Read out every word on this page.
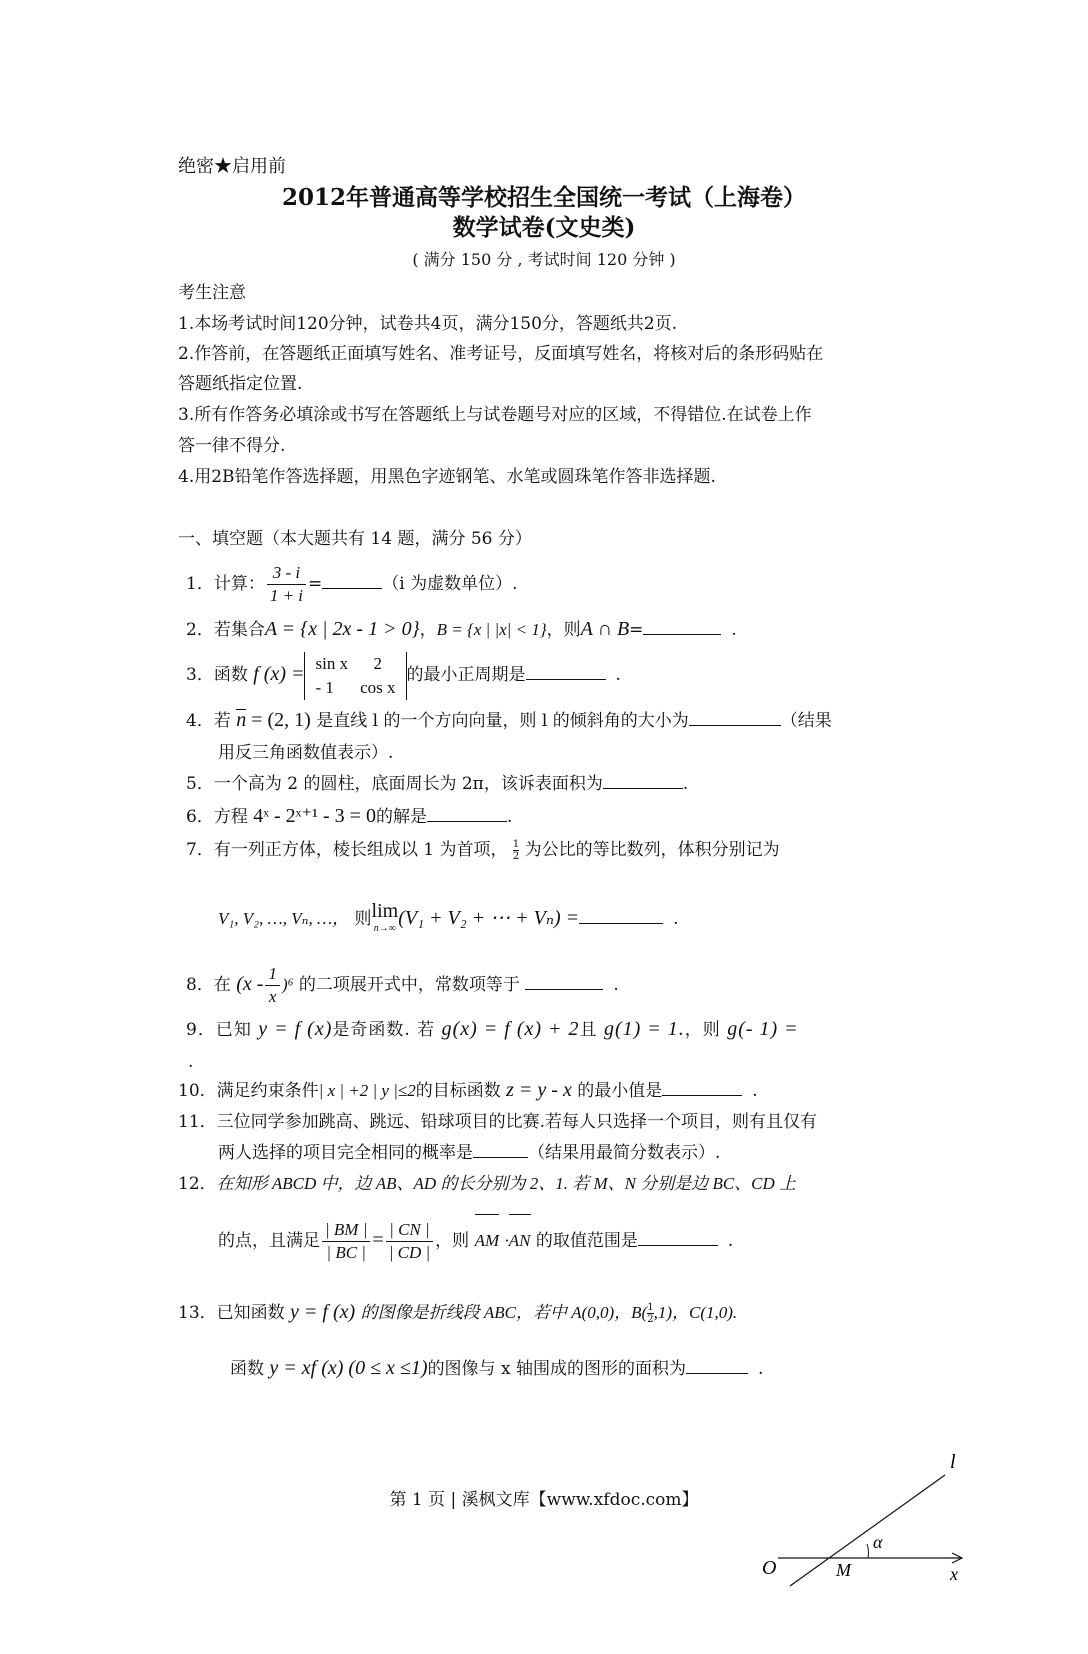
绝密★启用前
2012年普通高等学校招生全国统一考试（上海卷）
数学试卷(文史类)
( 满分 150 分 , 考试时间 120 分钟 )
考生注意
1.本场考试时间120分钟，试卷共4页，满分150分，答题纸共2页.
2.作答前，在答题纸正面填写姓名、准考证号，反面填写姓名，将核对后的条形码贴在
答题纸指定位置.
3.所有作答务必填涂或书写在答题纸上与试卷题号对应的区域，不得错位.在试卷上作
答一律不得分.
4.用2B铅笔作答选择题，用黑色字迹钢笔、水笔或圆珠笔作答非选择题.
一、填空题（本大题共有 14 题，满分 56 分）
1．计算： $\frac{3 - i}{1 + i}$ =	（i 为虚数单位）.
2．若集合A = {x | 2x - 1 > 0}，B = {x | |x| < 1}，则A ∩ B=	.
3．函数 f (x) = sin x	2
- 1	cos x
的最小正周期是	.
4．若 n = (2, 1) 是直线 l 的一个方向向量，则 l 的倾斜角的大小为	（结果
用反三角函数值表示）.
5．一个高为 2 的圆柱，底面周长为 2π，该诉表面积为	.
6．方程 4ˣ - 2ˣ⁺¹ - 3 = 0的解是	.
7．有一列正方体，棱长组成以 1 为首项， $\frac{1}{2}$ 为公比的等比数列，体积分别记为
V₁, V₂, …, Vₙ, …， 则 lim
n→∞ (V₁ + V₂ + ⋯ + Vₙ) =	.
8．在 $(x - \frac{1}{x} )^6$ 的二项展开式中，常数项等于	.
9．已知 y = f (x)是奇函数. 若 g(x) = f (x) + 2且 g(1) = 1.，则 g(- 1) =
.
10．满足约束条件| x | +2 | y |≤2的目标函数 z = y - x 的最小值是	.
11．三位同学参加跳高、跳远、铅球项目的比赛.若每人只选择一个项目，则有且仅有
两人选择的项目完全相同的概率是	（结果用最简分数表示）.
12．在知形 ABCD 中，边 AB、AD 的长分别为 2、1. 若 M、N 分别是边 BC、CD 上
的点，且满足 $\frac{| BM |}{| BC |} = \frac{| CN |}{| CD |}$ ，则 AM ·AN 的取值范围是	.
13．已知函数 y = f (x) 的图像是折线段 ABC，若中 A(0,0)，$B( \frac{1}{2},1)$，C(1,0).
函数 y = xf (x) (0 ≤ x ≤1)的图像与 x 轴围成的图形的面积为	.
第 1 页 | 溪枫文库【www.xfdoc.com】
l
α
O	M	x
